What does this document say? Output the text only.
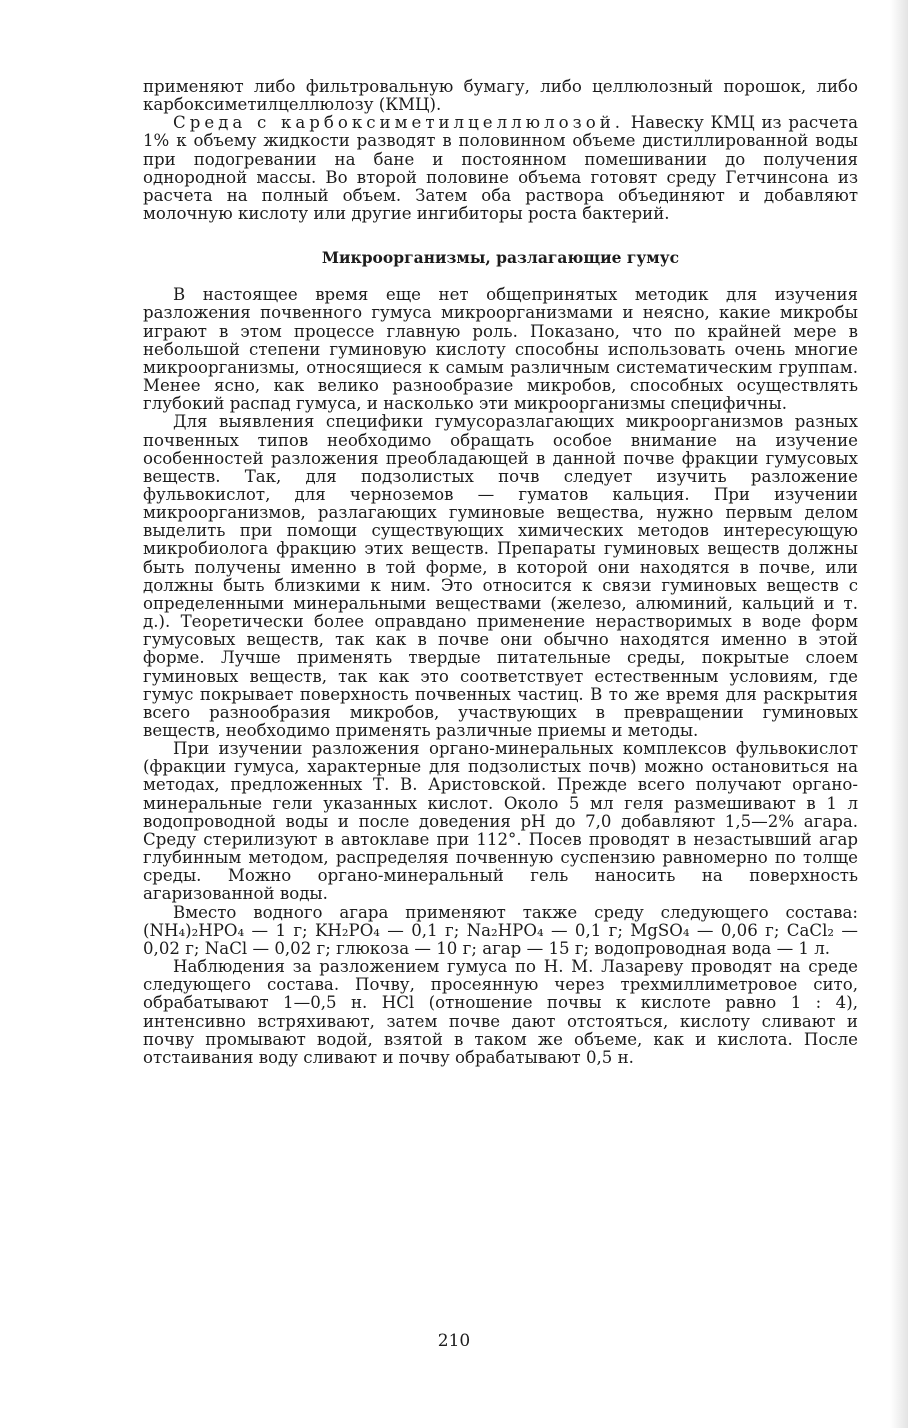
применяют либо фильтровальную бумагу, либо целлюлозный порошок, либо карбоксиметилцеллюлозу (КМЦ).

Среда с карбоксиметилцеллюлозой. Навеску КМЦ из расчета 1% к объему жидкости разводят в половинном объеме дистиллированной воды при подогревании на бане и постоянном помешивании до получения однородной массы. Во второй половине объема готовят среду Гетчинсона из расчета на полный объем. Затем оба раствора объединяют и добавляют молочную кислоту или другие ингибиторы роста бактерий.

Микроорганизмы, разлагающие гумус

В настоящее время еще нет общепринятых методик для изучения разложения почвенного гумуса микроорганизмами и неясно, какие микробы играют в этом процессе главную роль. Показано, что по крайней мере в небольшой степени гуминовую кислоту способны использовать очень многие микроорганизмы, относящиеся к самым различным систематическим группам. Менее ясно, как велико разнообразие микробов, способных осуществлять глубокий распад гумуса, и насколько эти микроорганизмы специфичны.

Для выявления специфики гумусоразлагающих микроорганизмов разных почвенных типов необходимо обращать особое внимание на изучение особенностей разложения преобладающей в данной почве фракции гумусовых веществ. Так, для подзолистых почв следует изучить разложение фульвокислот, для черноземов — гуматов кальция. При изучении микроорганизмов, разлагающих гуминовые вещества, нужно первым делом выделить при помощи существующих химических методов интересующую микробиолога фракцию этих веществ. Препараты гуминовых веществ должны быть получены именно в той форме, в которой они находятся в почве, или должны быть близкими к ним. Это относится к связи гуминовых веществ с определенными минеральными веществами (железо, алюминий, кальций и т. д.). Теоретически более оправдано применение нерастворимых в воде форм гумусовых веществ, так как в почве они обычно находятся именно в этой форме. Лучше применять твердые питательные среды, покрытые слоем гуминовых веществ, так как это соответствует естественным условиям, где гумус покрывает поверхность почвенных частиц. В то же время для раскрытия всего разнообразия микробов, участвующих в превращении гуминовых веществ, необходимо применять различные приемы и методы.

При изучении разложения органо-минеральных комплексов фульвокислот (фракции гумуса, характерные для подзолистых почв) можно остановиться на методах, предложенных Т. В. Аристовской. Прежде всего получают органо-минеральные гели указанных кислот. Около 5 мл геля размешивают в 1 л водопроводной воды и после доведения pH до 7,0 добавляют 1,5—2% агара. Среду стерилизуют в автоклаве при 112°. Посев проводят в незастывший агар глубинным методом, распределяя почвенную суспензию равномерно по толще среды. Можно органо-минеральный гель наносить на поверхность агаризованной воды.

Вместо водного агара применяют также среду следующего состава: (NH₄)₂HPO₄ — 1 г; KH₂PO₄ — 0,1 г; Na₂HPO₄ — 0,1 г; MgSO₄ — 0,06 г; CaCl₂ — 0,02 г; NaCl — 0,02 г; глюкоза — 10 г; агар — 15 г; водопроводная вода — 1 л.

Наблюдения за разложением гумуса по Н. М. Лазареву проводят на среде следующего состава. Почву, просеянную через трехмиллиметровое сито, обрабатывают 1—0,5 н. HCl (отношение почвы к кислоте равно 1 : 4), интенсивно встряхивают, затем почве дают отстояться, кислоту сливают и почву промывают водой, взятой в таком же объеме, как и кислота. После отстаивания воду сливают и почву обрабатывают 0,5 н.

210
